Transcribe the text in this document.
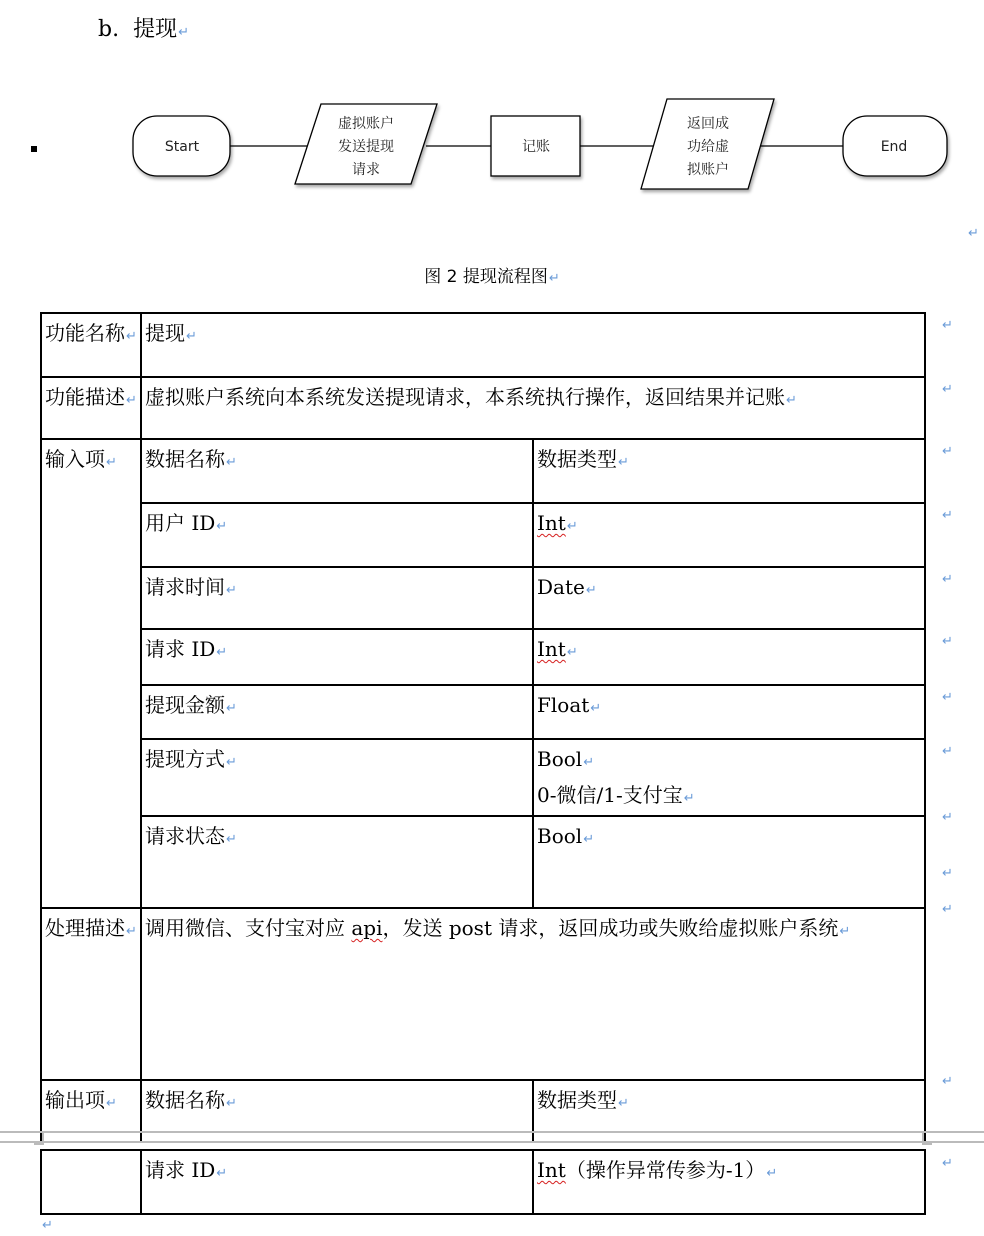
b. 提现↵
Start
虚拟账户
发送提现
请求
记账
返回成
功给虚
拟账户
End
↵
图 2 提现流程图↵
功能名称↵	提现↵	
功能描述↵	虚拟账户系统向本系统发送提现请求，本系统执行操作，返回结果并记账↵	
输入项↵	数据名称↵	数据类型↵
	用户 ID↵	Int↵
	请求时间↵	Date↵
	请求 ID↵	Int↵
	提现金额↵	Float↵
	提现方式↵	Bool↵
0-微信/1-支付宝↵
	请求状态↵	Bool↵
处理描述↵	调用微信、支付宝对应 api，发送 post 请求，返回成功或失败给虚拟账户系统↵	
输出项↵	数据名称↵	数据类型↵
↵
↵
↵
↵
↵
↵
↵
↵
↵
↵
↵
↵
	请求 ID↵	Int（操作异常传参为-1）↵
↵
↵
